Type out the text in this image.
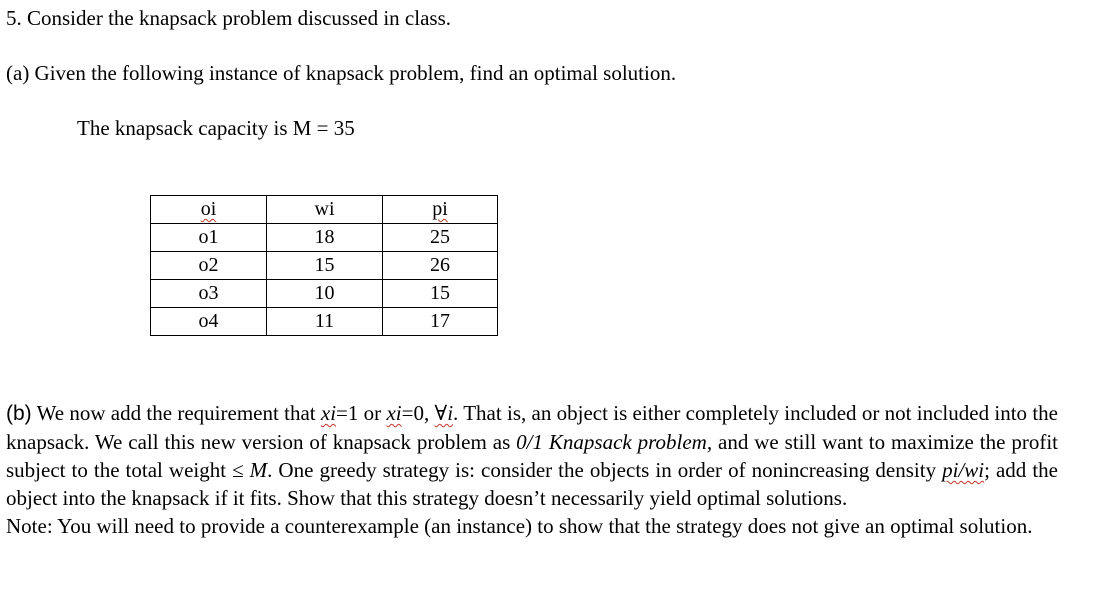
5. Consider the knapsack problem discussed in class.
(a) Given the following instance of knapsack problem, find an optimal solution.
The knapsack capacity is M = 35
oi	wi	pi
o1	18	25
o2	15	26
o3	10	15
o4	11	17

(b) We now add the requirement that xi=1 or xi=0, ∀i. That is, an object is either completely included or not included into the knapsack. We call this new version of knapsack problem as 0/1 Knapsack problem, and we still want to maximize the profit subject to the total weight ≤ M. One greedy strategy is: consider the objects in order of nonincreasing density pi/wi; add the object into the knapsack if it fits. Show that this strategy doesn’t necessarily yield optimal solutions.

Note: You will need to provide a counterexample (an instance) to show that the strategy does not give an optimal solution.
